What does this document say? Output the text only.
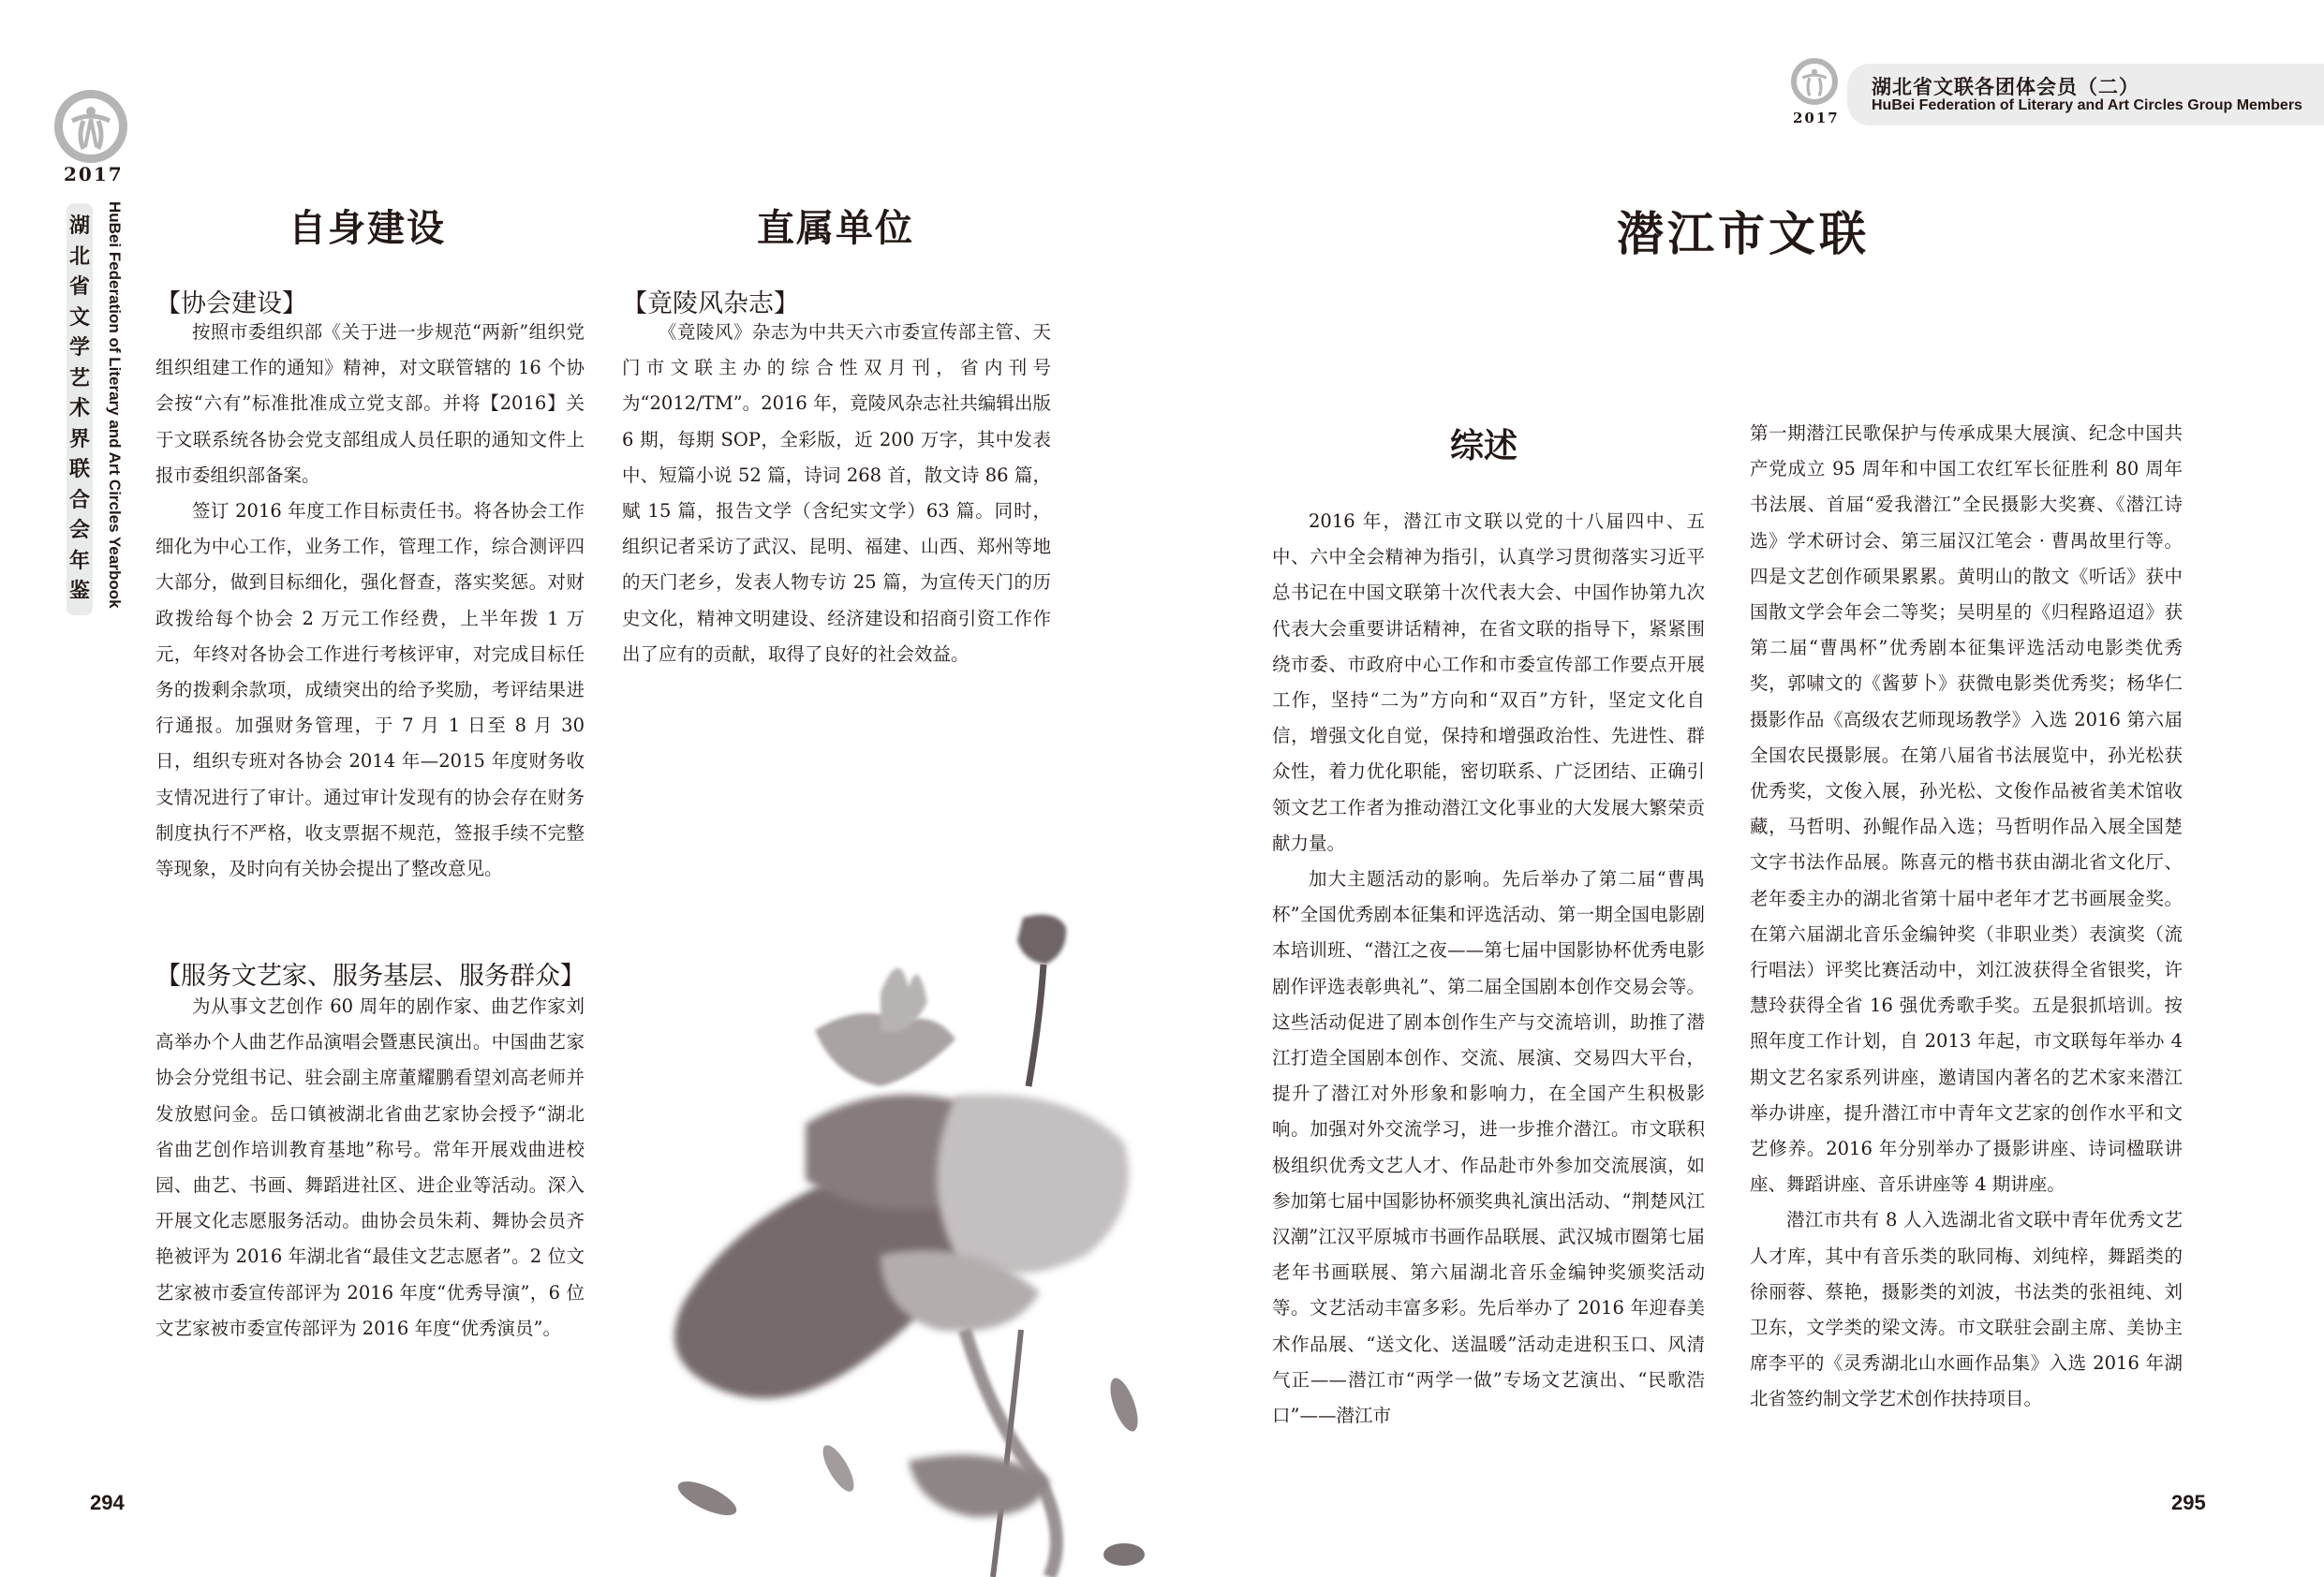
2017
湖
北
省
文
学
艺
术
界
联
合
会
年
鉴 HuBei Federation of Literary and Art Circles Yearbook	自身建设
【协会建设】

按照市委组织部《关于进一步规范“两新”组织党组织组建工作的通知》精神，对文联管辖的 16 个协会按“六有”标准批准成立党支部。并将【2016】关于文联系统各协会党支部组成人员任职的通知文件上报市委组织部备案。

签订 2016 年度工作目标责任书。将各协会工作细化为中心工作，业务工作，管理工作，综合测评四大部分，做到目标细化，强化督查，落实奖惩。对财政拨给每个协会 2 万元工作经费，上半年拨 1 万元，年终对各协会工作进行考核评审，对完成目标任务的拨剩余款项，成绩突出的给予奖励，考评结果进行通报。加强财务管理，于 7 月 1 日至 8 月 30 日，组织专班对各协会 2014 年—2015 年度财务收支情况进行了审计。通过审计发现有的协会存在财务制度执行不严格，收支票据不规范，签报手续不完整等现象，及时向有关协会提出了整改意见。

【服务文艺家、服务基层、服务群众】

为从事文艺创作 60 周年的剧作家、曲艺作家刘高举办个人曲艺作品演唱会暨惠民演出。中国曲艺家协会分党组书记、驻会副主席董耀鹏看望刘高老师并发放慰问金。岳口镇被湖北省曲艺家协会授予“湖北省曲艺创作培训教育基地”称号。常年开展戏曲进校园、曲艺、书画、舞蹈进社区、进企业等活动。深入开展文化志愿服务活动。曲协会员朱莉、舞协会员齐艳被评为 2016 年湖北省“最佳文艺志愿者”。2 位文艺家被市委宣传部评为 2016 年度“优秀导演”，6 位文艺家被市委宣传部评为 2016 年度“优秀演员”。

直属单位
【竟陵风杂志】

《竟陵风》杂志为中共天六市委宣传部主管、天门市文联主办的综合性双月刊，省内刊号为“2012/TM”。2016 年，竟陵风杂志社共编辑出版 6 期，每期 SOP，全彩版，近 200 万字，其中发表中、短篇小说 52 篇，诗词 268 首，散文诗 86 篇，赋 15 篇，报告文学（含纪实文学）63 篇。同时，组织记者采访了武汉、昆明、福建、山西、郑州等地的天门老乡，发表人物专访 25 篇，为宣传天门的历史文化，精神文明建设、经济建设和招商引资工作作出了应有的贡献，取得了良好的社会效益。

294
2017
湖北省文联各团体会员（二）
HuBei Federation of Literary and Art Circles Group Members
潜江市文联
综述

2016 年，潜江市文联以党的十八届四中、五中、六中全会精神为指引，认真学习贯彻落实习近平总书记在中国文联第十次代表大会、中国作协第九次代表大会重要讲话精神，在省文联的指导下，紧紧围绕市委、市政府中心工作和市委宣传部工作要点开展工作，坚持“二为”方向和“双百”方针，坚定文化自信，增强文化自觉，保持和增强政治性、先进性、群众性，着力优化职能，密切联系、广泛团结、正确引领文艺工作者为推动潜江文化事业的大发展大繁荣贡献力量。

加大主题活动的影响。先后举办了第二届“曹禺杯”全国优秀剧本征集和评选活动、第一期全国电影剧本培训班、“潜江之夜——第七届中国影协杯优秀电影剧作评选表彰典礼”、第二届全国剧本创作交易会等。这些活动促进了剧本创作生产与交流培训，助推了潜江打造全国剧本创作、交流、展演、交易四大平台，提升了潜江对外形象和影响力，在全国产生积极影响。加强对外交流学习，进一步推介潜江。市文联积极组织优秀文艺人才、作品赴市外参加交流展演，如参加第七届中国影协杯颁奖典礼演出活动、“荆楚风江汉潮”江汉平原城市书画作品联展、武汉城市圈第七届老年书画联展、第六届湖北音乐金编钟奖颁奖活动等。文艺活动丰富多彩。先后举办了 2016 年迎春美术作品展、“送文化、送温暖”活动走进积玉口、风清气正——潜江市“两学一做”专场文艺演出、“民歌浩口”——潜江市

第一期潜江民歌保护与传承成果大展演、纪念中国共产党成立 95 周年和中国工农红军长征胜利 80 周年书法展、首届“爱我潜江”全民摄影大奖赛、《潜江诗选》学术研讨会、第三届汉江笔会 · 曹禺故里行等。四是文艺创作硕果累累。黄明山的散文《听话》获中国散文学会年会二等奖；吴明星的《归程路迢迢》获第二届“曹禺杯”优秀剧本征集评选活动电影类优秀奖，郭啸文的《酱萝卜》获微电影类优秀奖；杨华仁摄影作品《高级农艺师现场教学》入选 2016 第六届全国农民摄影展。在第八届省书法展览中，孙光松获优秀奖，文俊入展，孙光松、文俊作品被省美术馆收藏，马哲明、孙鲲作品入选；马哲明作品入展全国楚文字书法作品展。陈喜元的楷书获由湖北省文化厅、老年委主办的湖北省第十届中老年才艺书画展金奖。在第六届湖北音乐金编钟奖（非职业类）表演奖（流行唱法）评奖比赛活动中，刘江波获得全省银奖，许慧玲获得全省 16 强优秀歌手奖。五是狠抓培训。按照年度工作计划，自 2013 年起，市文联每年举办 4 期文艺名家系列讲座，邀请国内著名的艺术家来潜江举办讲座，提升潜江市中青年文艺家的创作水平和文艺修养。2016 年分别举办了摄影讲座、诗词楹联讲座、舞蹈讲座、音乐讲座等 4 期讲座。

潜江市共有 8 人入选湖北省文联中青年优秀文艺人才库，其中有音乐类的耿同梅、刘纯梓，舞蹈类的徐丽蓉、蔡艳，摄影类的刘波，书法类的张祖纯、刘卫东，文学类的梁文涛。市文联驻会副主席、美协主席李平的《灵秀湖北山水画作品集》入选 2016 年湖北省签约制文学艺术创作扶持项目。

295
